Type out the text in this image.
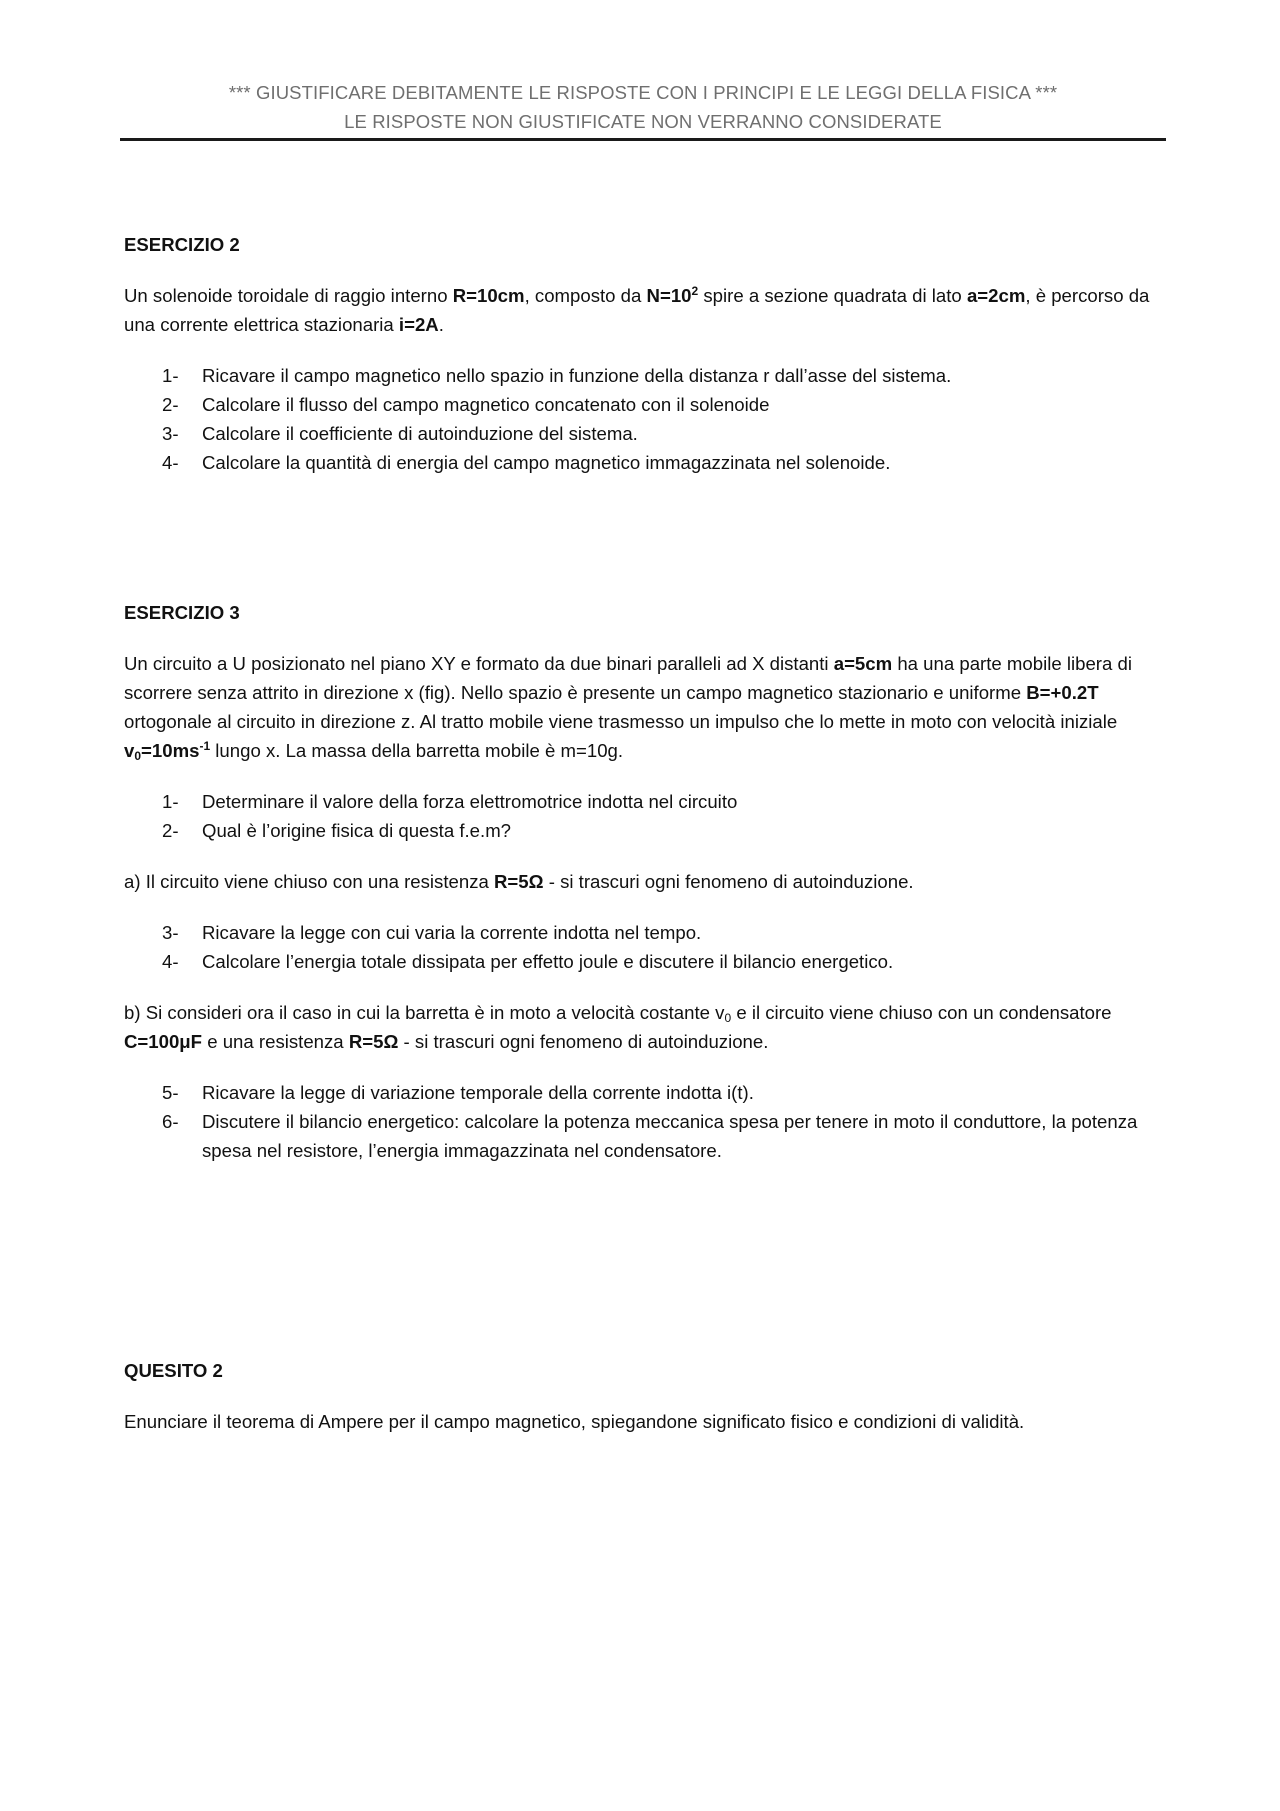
*** GIUSTIFICARE DEBITAMENTE LE RISPOSTE CON I PRINCIPI E LE LEGGI DELLA FISICA ***
LE RISPOSTE NON GIUSTIFICATE NON VERRANNO CONSIDERATE
ESERCIZIO 2

Un solenoide toroidale di raggio interno R=10cm, composto da $N=10^2$ spire a sezione quadrata di lato a=2cm, è percorso da una corrente elettrica stazionaria i=2A.

1- Ricavare il campo magnetico nello spazio in funzione della distanza r dall’asse del sistema.
2- Calcolare il flusso del campo magnetico concatenato con il solenoide
3- Calcolare il coefficiente di autoinduzione del sistema.
4- Calcolare la quantità di energia del campo magnetico immagazzinata nel solenoide.
ESERCIZIO 3

Un circuito a U posizionato nel piano XY e formato da due binari paralleli ad X distanti a=5cm ha una parte mobile libera di scorrere senza attrito in direzione x (fig). Nello spazio è presente un campo magnetico stazionario e uniforme B=+0.2T ortogonale al circuito in direzione z. Al tratto mobile viene trasmesso un impulso che lo mette in moto con velocità iniziale $v_0=10ms^{-1}$ lungo x. La massa della barretta mobile è m=10g.

1- Determinare il valore della forza elettromotrice indotta nel circuito
2- Qual è l’origine fisica di questa f.e.m?

a) Il circuito viene chiuso con una resistenza R=5Ω - si trascuri ogni fenomeno di autoinduzione.

3- Ricavare la legge con cui varia la corrente indotta nel tempo.
4- Calcolare l’energia totale dissipata per effetto joule e discutere il bilancio energetico.

b) Si consideri ora il caso in cui la barretta è in moto a velocità costante $v_0$ e il circuito viene chiuso con un condensatore C=100μF e una resistenza R=5Ω - si trascuri ogni fenomeno di autoinduzione.

5- Ricavare la legge di variazione temporale della corrente indotta i(t).
6- Discutere il bilancio energetico: calcolare la potenza meccanica spesa per tenere in moto il conduttore, la potenza spesa nel resistore, l’energia immagazzinata nel condensatore.
QUESITO 2

Enunciare il teorema di Ampere per il campo magnetico, spiegandone significato fisico e condizioni di validità.
